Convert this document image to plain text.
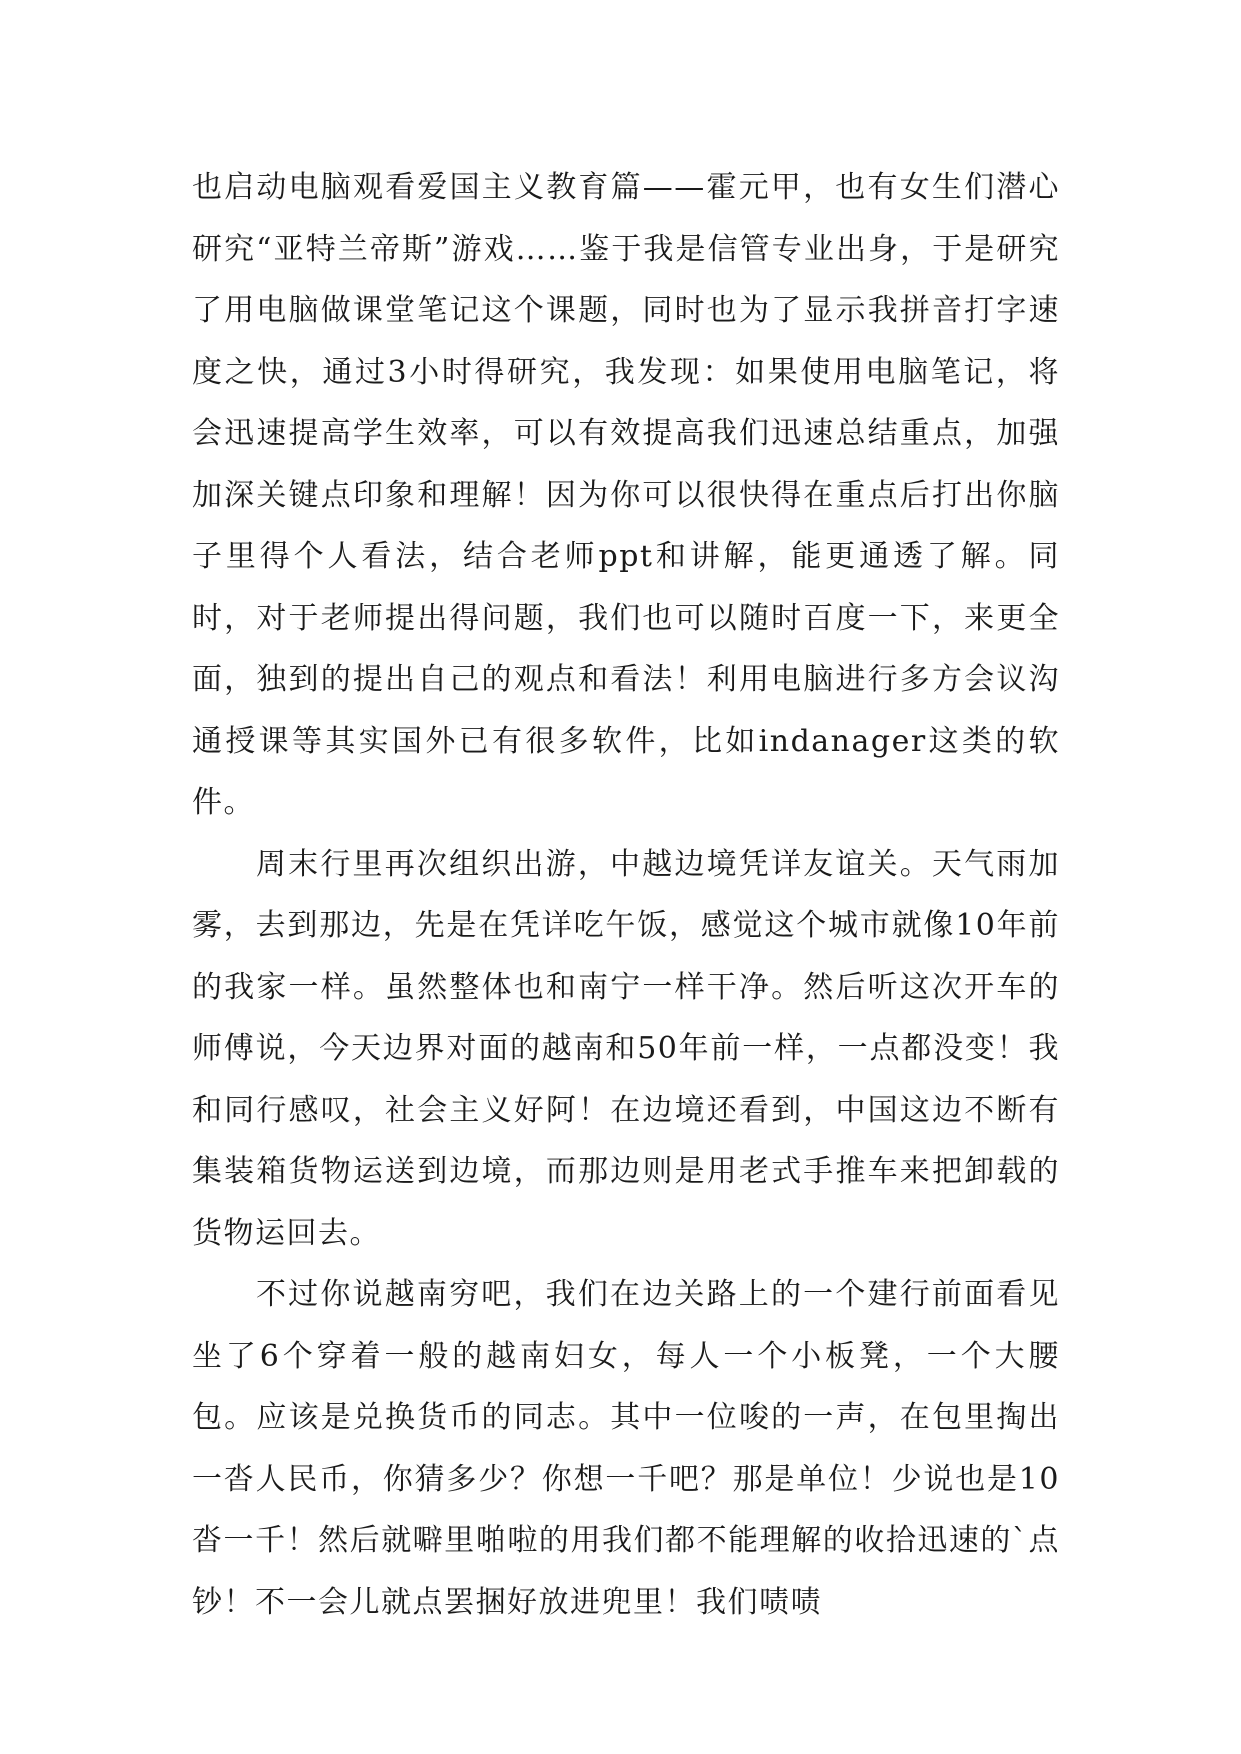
也启动电脑观看爱国主义教育篇——霍元甲，也有女生们潜心研究“亚特兰帝斯”游戏……鉴于我是信管专业出身，于是研究了用电脑做课堂笔记这个课题，同时也为了显示我拼音打字速度之快，通过3小时得研究，我发现：如果使用电脑笔记，将会迅速提高学生效率，可以有效提高我们迅速总结重点，加强加深关键点印象和理解！因为你可以很快得在重点后打出你脑子里得个人看法，结合老师ppt和讲解，能更通透了解。同时，对于老师提出得问题，我们也可以随时百度一下，来更全面，独到的提出自己的观点和看法！利用电脑进行多方会议沟通授课等其实国外已有很多软件，比如indanager这类的软件。

周末行里再次组织出游，中越边境凭详友谊关。天气雨加雾，去到那边，先是在凭详吃午饭，感觉这个城市就像10年前的我家一样。虽然整体也和南宁一样干净。然后听这次开车的师傅说，今天边界对面的越南和50年前一样，一点都没变！我和同行感叹，社会主义好阿！在边境还看到，中国这边不断有集装箱货物运送到边境，而那边则是用老式手推车来把卸载的货物运回去。

不过你说越南穷吧，我们在边关路上的一个建行前面看见坐了6个穿着一般的越南妇女，每人一个小板凳，一个大腰包。应该是兑换货币的同志。其中一位唆的一声，在包里掏出一沓人民币，你猜多少？你想一千吧？那是单位！少说也是10沓一千！然后就噼里啪啦的用我们都不能理解的收拾迅速的`点钞！不一会儿就点罢捆好放进兜里！我们啧啧
